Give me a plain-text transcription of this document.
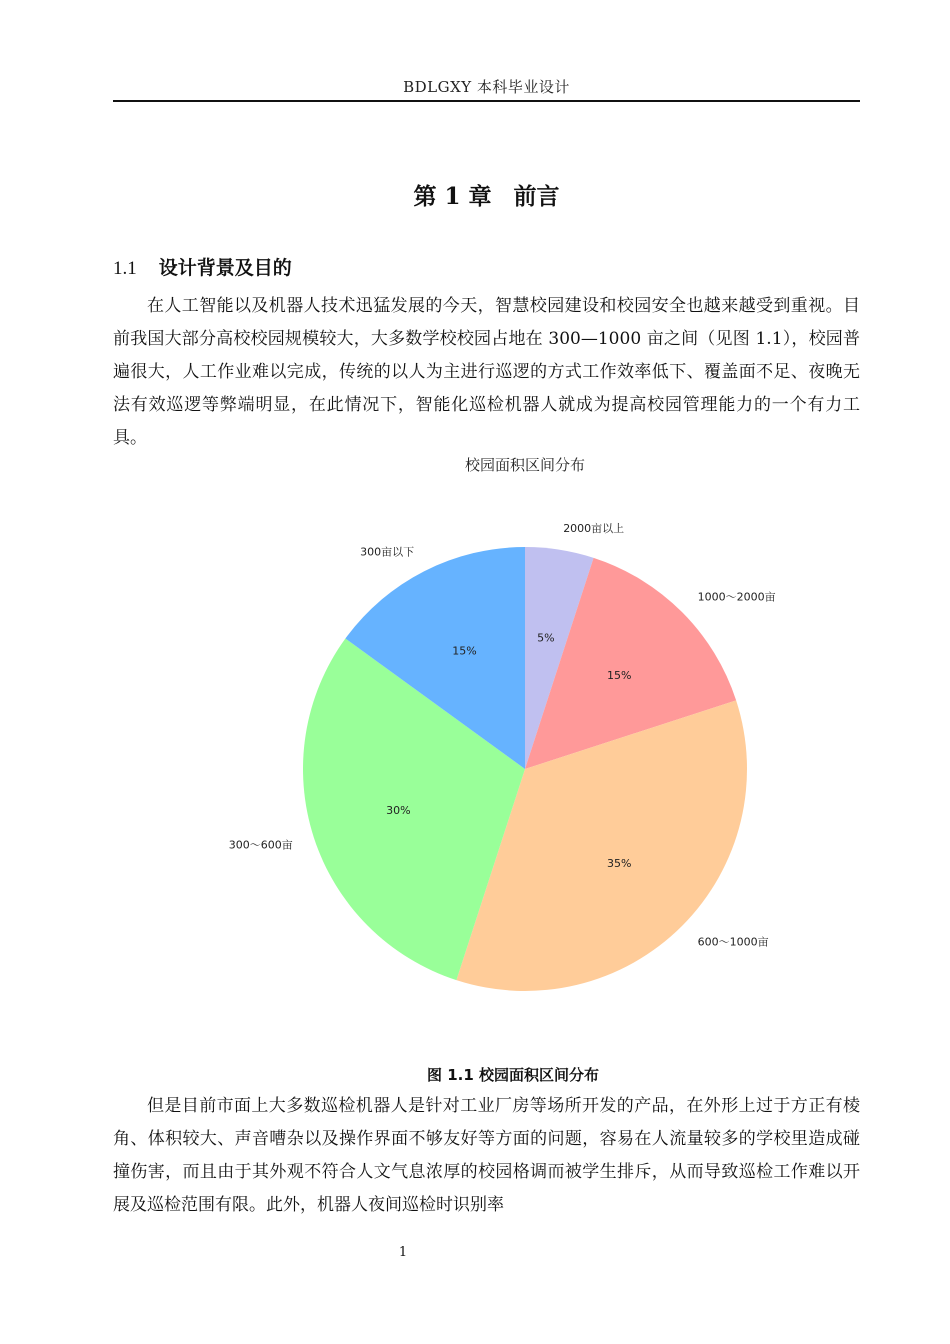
BDLGXY 本科毕业设计
第 1 章 前言
1.1 设计背景及目的

在人工智能以及机器人技术迅猛发展的今天，智慧校园建设和校园安全也越来越受到重视。目前我国大部分高校校园规模较大，大多数学校校园占地在 300—1000 亩之间（见图 1.1），校园普遍很大，人工作业难以完成，传统的以人为主进行巡逻的方式工作效率低下、覆盖面不足、夜晚无法有效巡逻等弊端明显，在此情况下，智能化巡检机器人就成为提高校园管理能力的一个有力工具。

校园面积区间分布
5%
2000亩以上
15%
1000～2000亩
35%
600～1000亩
30%
300～600亩
15%
300亩以下
图 1.1 校园面积区间分布

但是目前市面上大多数巡检机器人是针对工业厂房等场所开发的产品，在外形上过于方正有棱角、体积较大、声音嘈杂以及操作界面不够友好等方面的问题，容易在人流量较多的学校里造成碰撞伤害，而且由于其外观不符合人文气息浓厚的校园格调而被学生排斥，从而导致巡检工作难以开展及巡检范围有限。此外，机器人夜间巡检时识别率

1
